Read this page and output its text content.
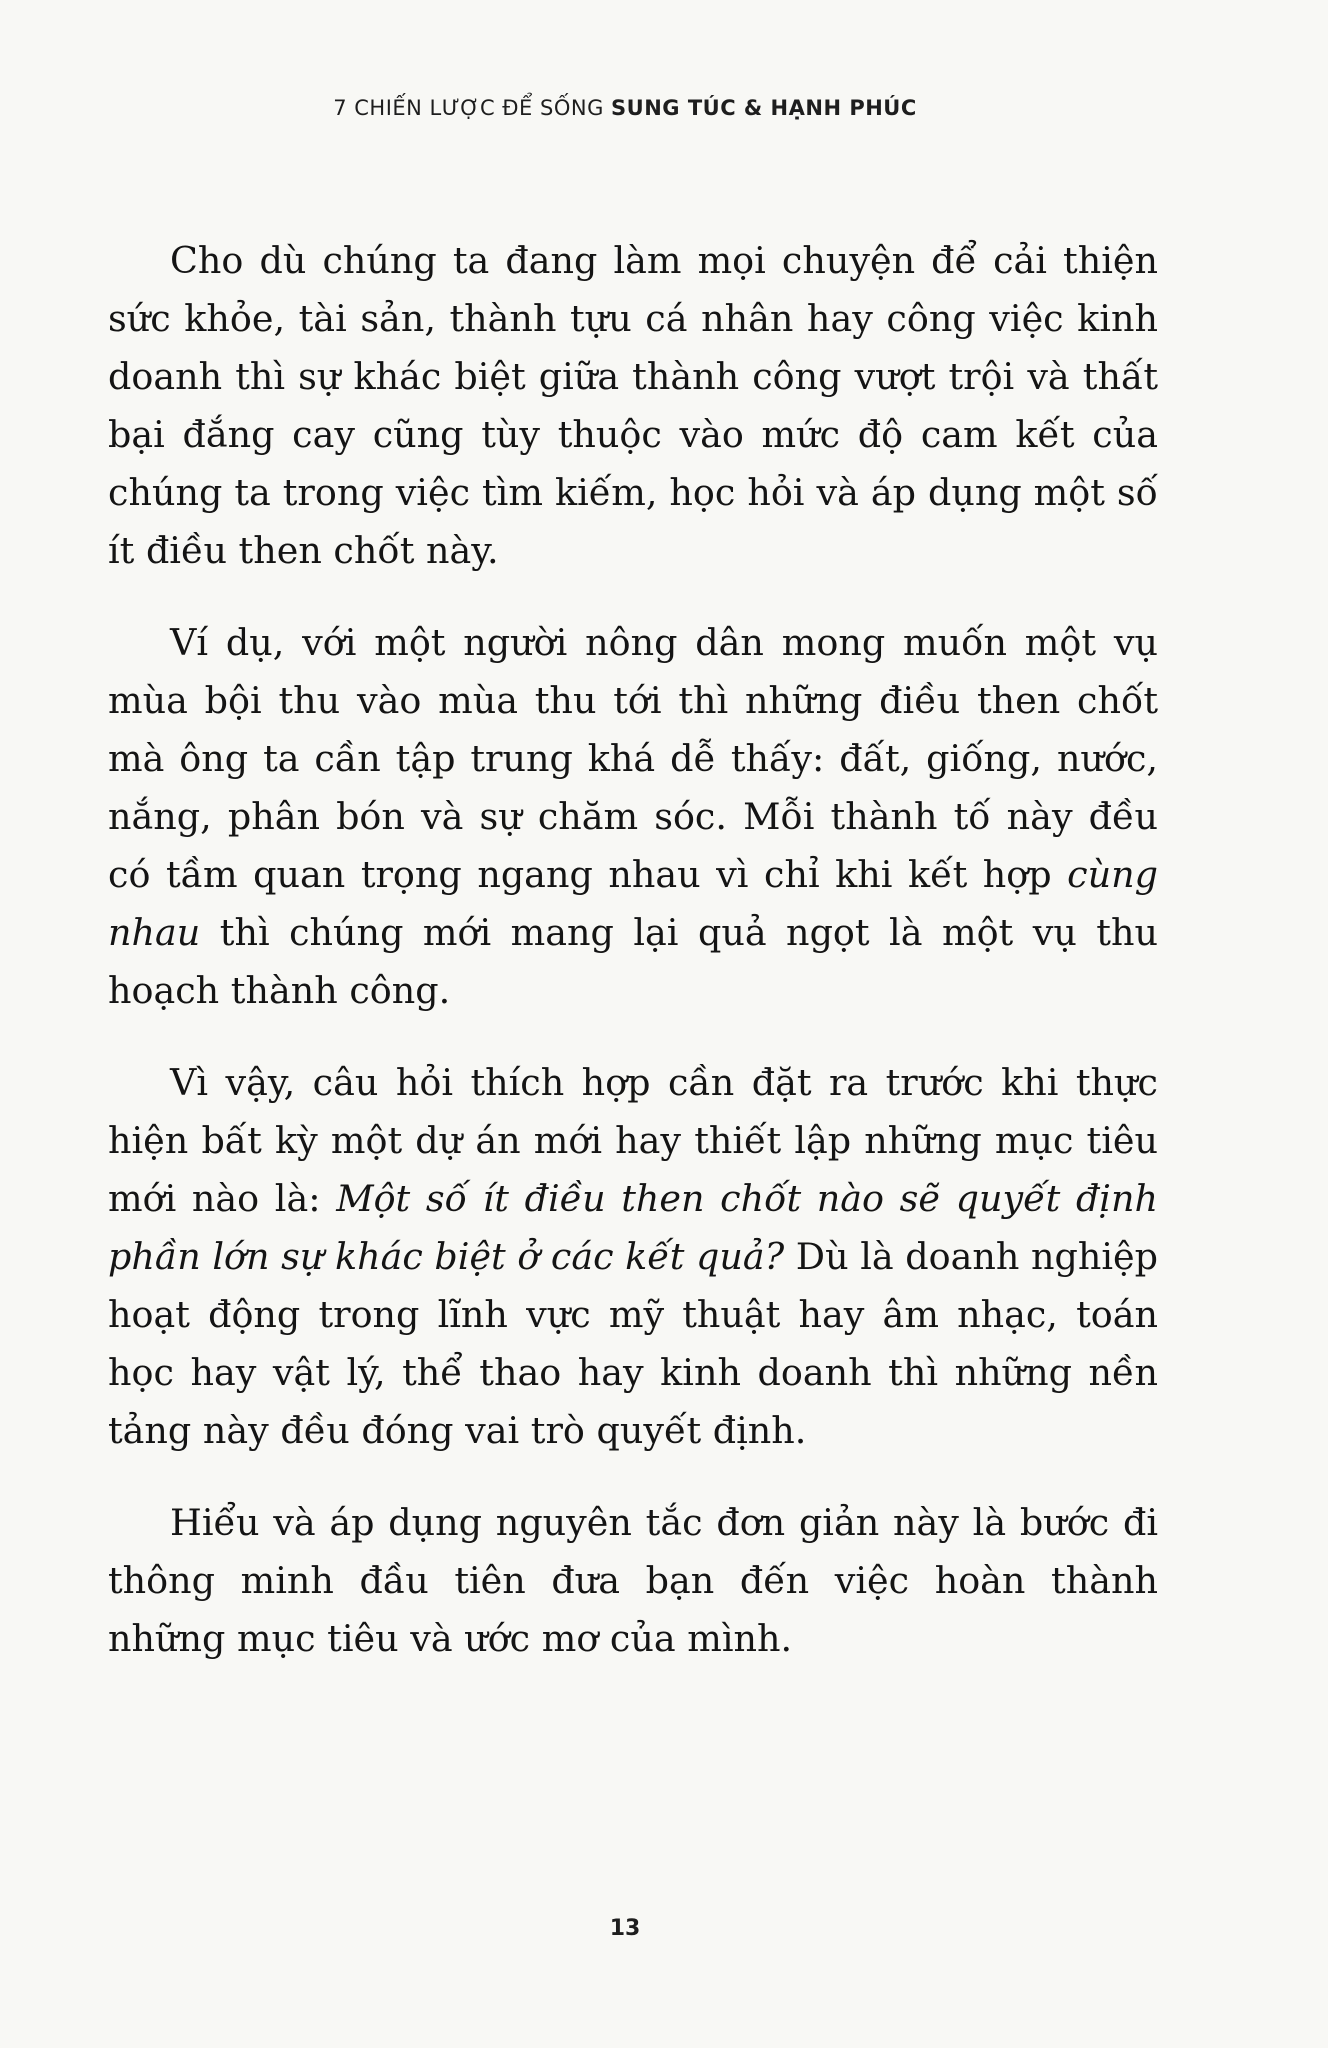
7 CHIẾN LƯỢC ĐỂ SỐNG SUNG TÚC & HẠNH PHÚC

Cho dù chúng ta đang làm mọi chuyện để cải thiện sức khỏe, tài sản, thành tựu cá nhân hay công việc kinh doanh thì sự khác biệt giữa thành công vượt trội và thất bại đắng cay cũng tùy thuộc vào mức độ cam kết của chúng ta trong việc tìm kiếm, học hỏi và áp dụng một số ít điều then chốt này.

Ví dụ, với một người nông dân mong muốn một vụ mùa bội thu vào mùa thu tới thì những điều then chốt mà ông ta cần tập trung khá dễ thấy: đất, giống, nước, nắng, phân bón và sự chăm sóc. Mỗi thành tố này đều có tầm quan trọng ngang nhau vì chỉ khi kết hợp cùng nhau thì chúng mới mang lại quả ngọt là một vụ thu hoạch thành công.

Vì vậy, câu hỏi thích hợp cần đặt ra trước khi thực hiện bất kỳ một dự án mới hay thiết lập những mục tiêu mới nào là: Một số ít điều then chốt nào sẽ quyết định phần lớn sự khác biệt ở các kết quả? Dù là doanh nghiệp hoạt động trong lĩnh vực mỹ thuật hay âm nhạc, toán học hay vật lý, thể thao hay kinh doanh thì những nền tảng này đều đóng vai trò quyết định.

Hiểu và áp dụng nguyên tắc đơn giản này là bước đi thông minh đầu tiên đưa bạn đến việc hoàn thành những mục tiêu và ước mơ của mình.

13
